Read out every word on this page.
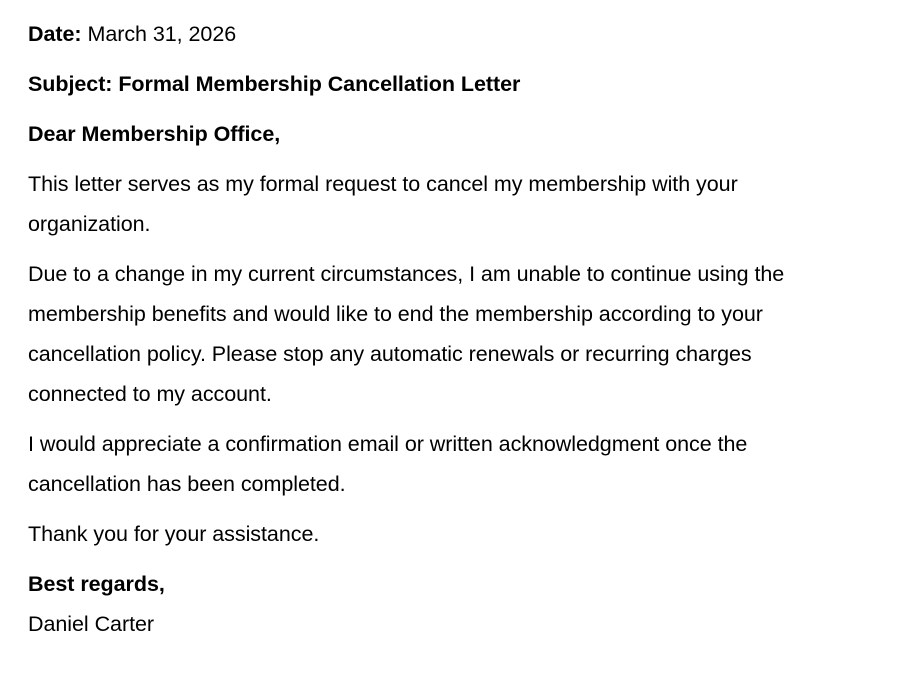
Date: March 31, 2026

Subject: Formal Membership Cancellation Letter

Dear Membership Office,

This letter serves as my formal request to cancel my membership with your organization.

Due to a change in my current circumstances, I am unable to continue using the membership benefits and would like to end the membership according to your cancellation policy. Please stop any automatic renewals or recurring charges connected to my account.

I would appreciate a confirmation email or written acknowledgment once the cancellation has been completed.

Thank you for your assistance.

Best regards,

Daniel Carter
